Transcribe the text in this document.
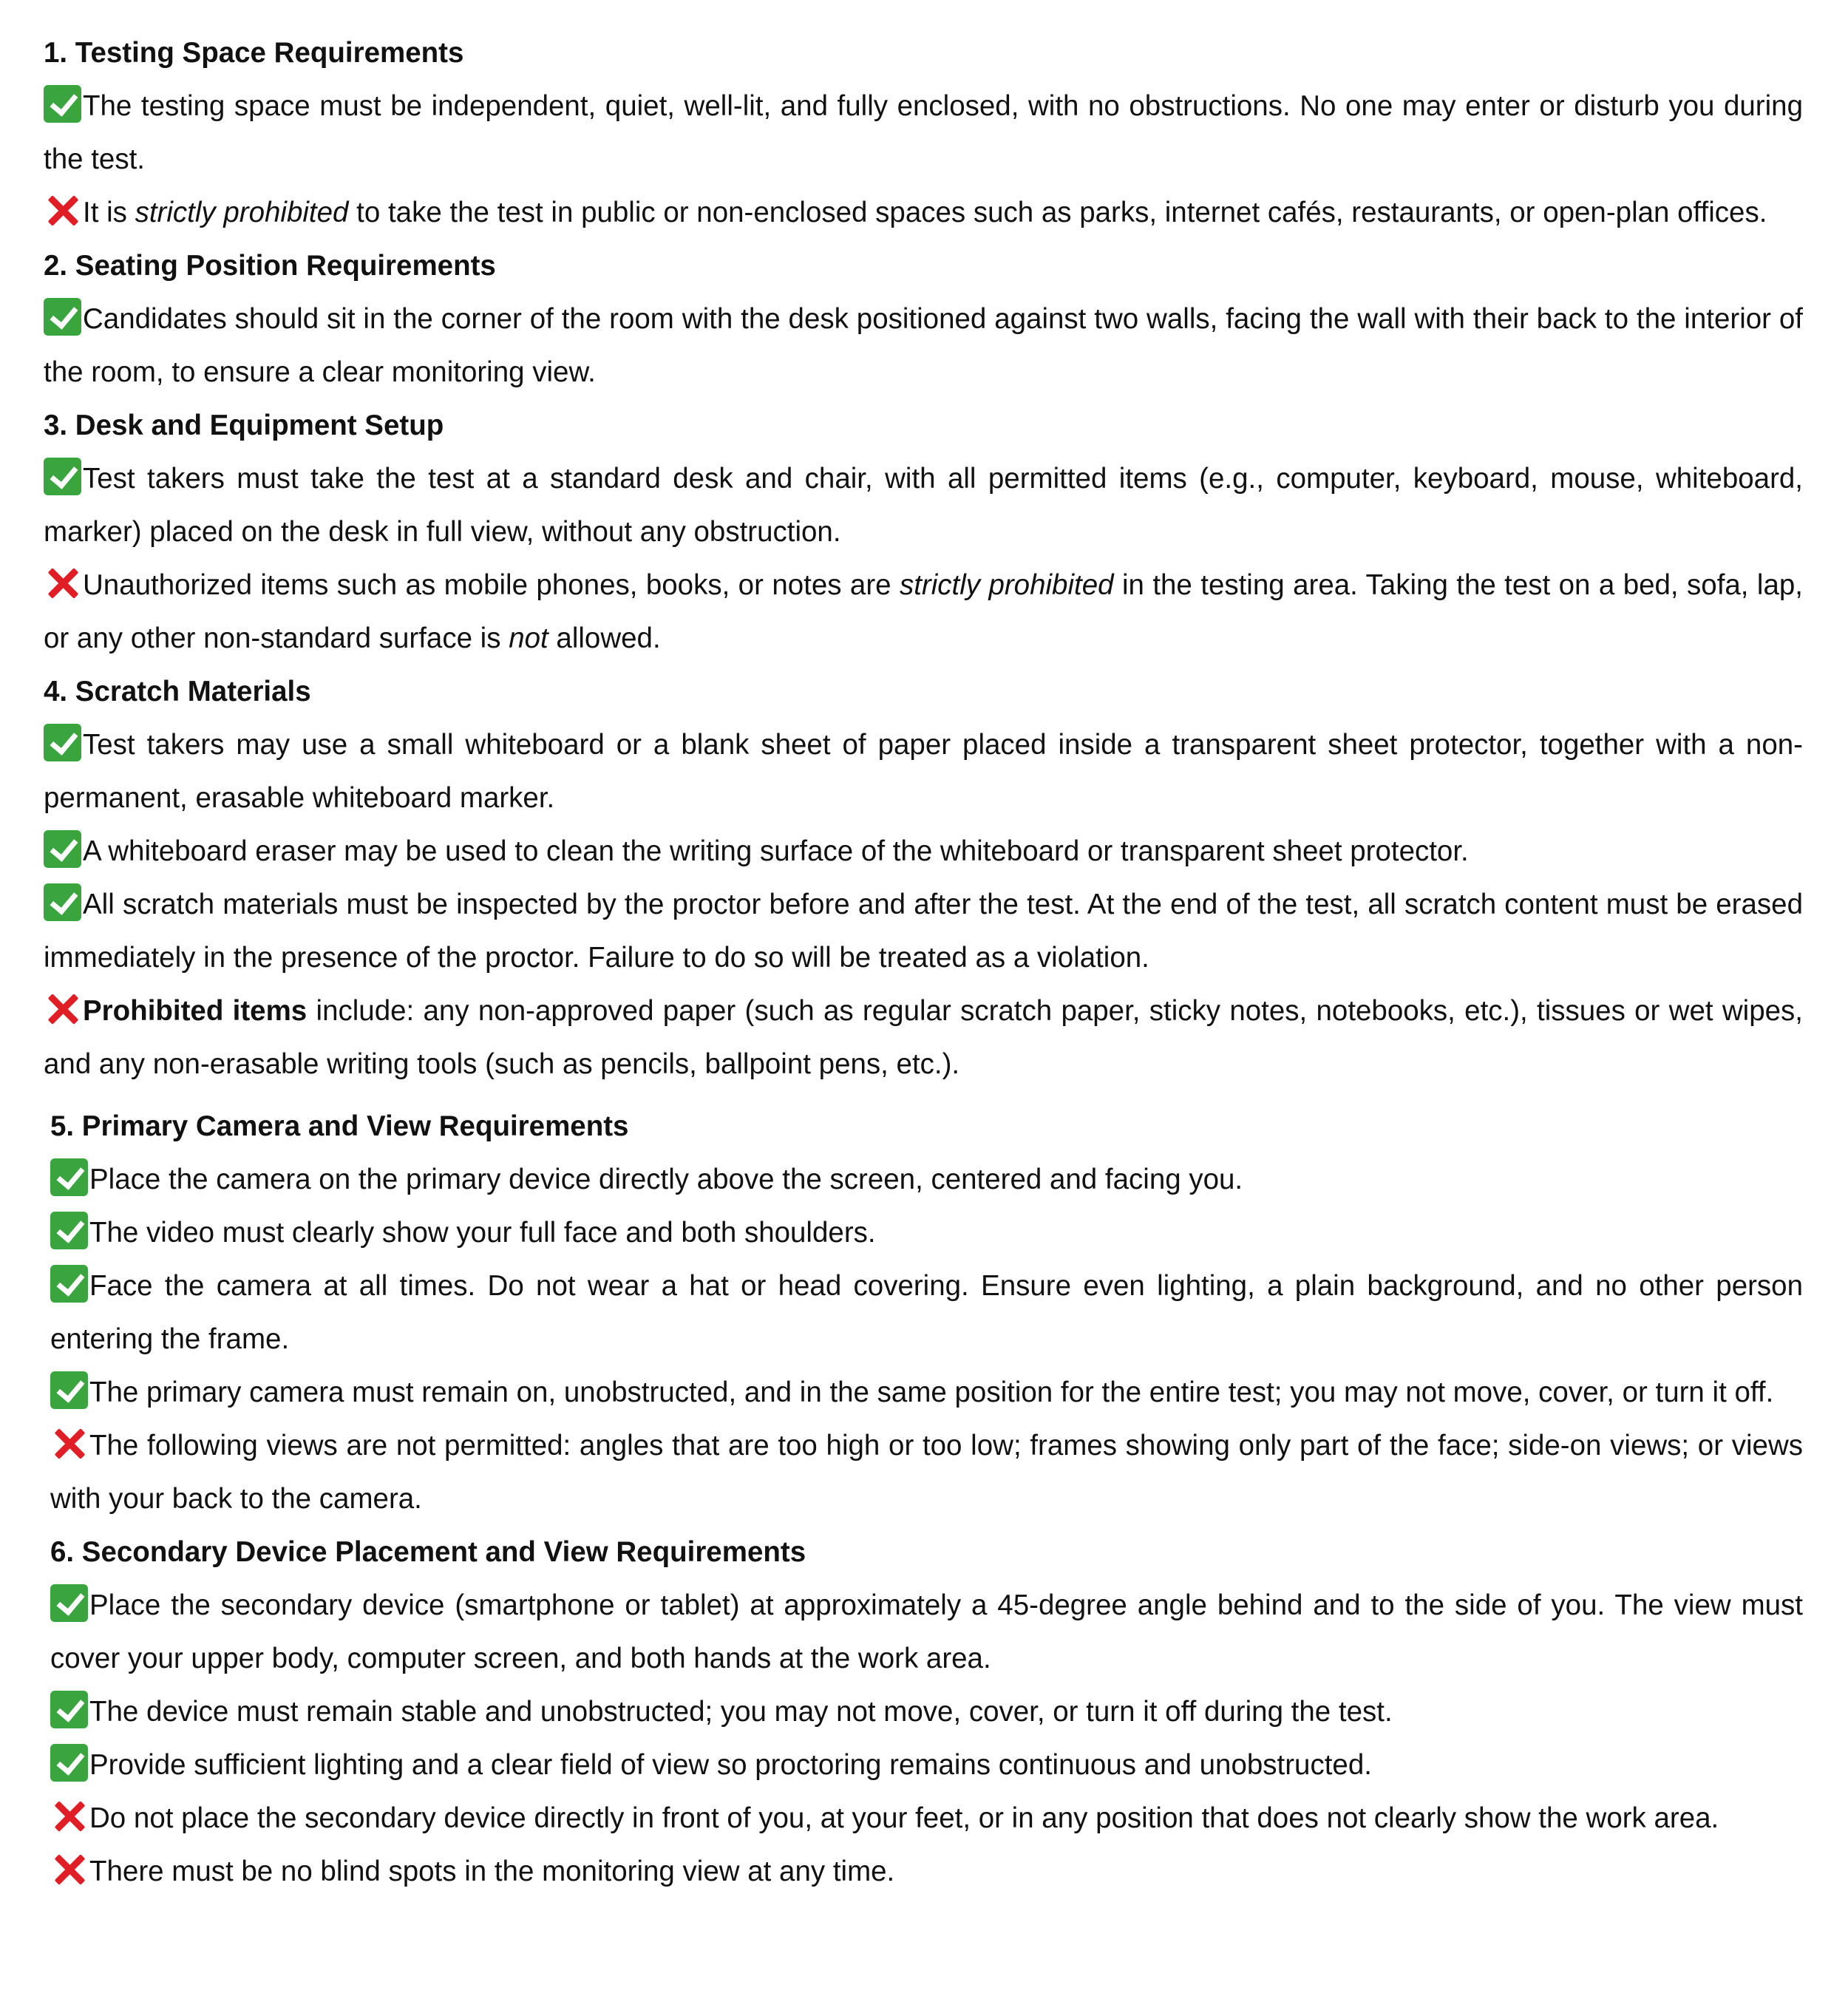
1. Testing Space Requirements

The testing space must be independent, quiet, well-lit, and fully enclosed, with no obstructions. No one may enter or disturb you during the test.

It is strictly prohibited to take the test in public or non-enclosed spaces such as parks, internet cafés, restaurants, or open-plan offices.

2. Seating Position Requirements

Candidates should sit in the corner of the room with the desk positioned against two walls, facing the wall with their back to the interior of the room, to ensure a clear monitoring view.

3. Desk and Equipment Setup

Test takers must take the test at a standard desk and chair, with all permitted items (e.g., computer, keyboard, mouse, whiteboard, marker) placed on the desk in full view, without any obstruction.

Unauthorized items such as mobile phones, books, or notes are strictly prohibited in the testing area. Taking the test on a bed, sofa, lap, or any other non-standard surface is not allowed.

4. Scratch Materials

Test takers may use a small whiteboard or a blank sheet of paper placed inside a transparent sheet protector, together with a non-permanent, erasable whiteboard marker.

A whiteboard eraser may be used to clean the writing surface of the whiteboard or transparent sheet protector.

All scratch materials must be inspected by the proctor before and after the test. At the end of the test, all scratch content must be erased immediately in the presence of the proctor. Failure to do so will be treated as a violation.

Prohibited items include: any non-approved paper (such as regular scratch paper, sticky notes, notebooks, etc.), tissues or wet wipes, and any non-erasable writing tools (such as pencils, ballpoint pens, etc.).

5. Primary Camera and View Requirements

Place the camera on the primary device directly above the screen, centered and facing you.

The video must clearly show your full face and both shoulders.

Face the camera at all times. Do not wear a hat or head covering. Ensure even lighting, a plain background, and no other person entering the frame.

The primary camera must remain on, unobstructed, and in the same position for the entire test; you may not move, cover, or turn it off.

The following views are not permitted: angles that are too high or too low; frames showing only part of the face; side-on views; or views with your back to the camera.

6. Secondary Device Placement and View Requirements

Place the secondary device (smartphone or tablet) at approximately a 45-degree angle behind and to the side of you. The view must cover your upper body, computer screen, and both hands at the work area.

The device must remain stable and unobstructed; you may not move, cover, or turn it off during the test.

Provide sufficient lighting and a clear field of view so proctoring remains continuous and unobstructed.

Do not place the secondary device directly in front of you, at your feet, or in any position that does not clearly show the work area.

There must be no blind spots in the monitoring view at any time.
